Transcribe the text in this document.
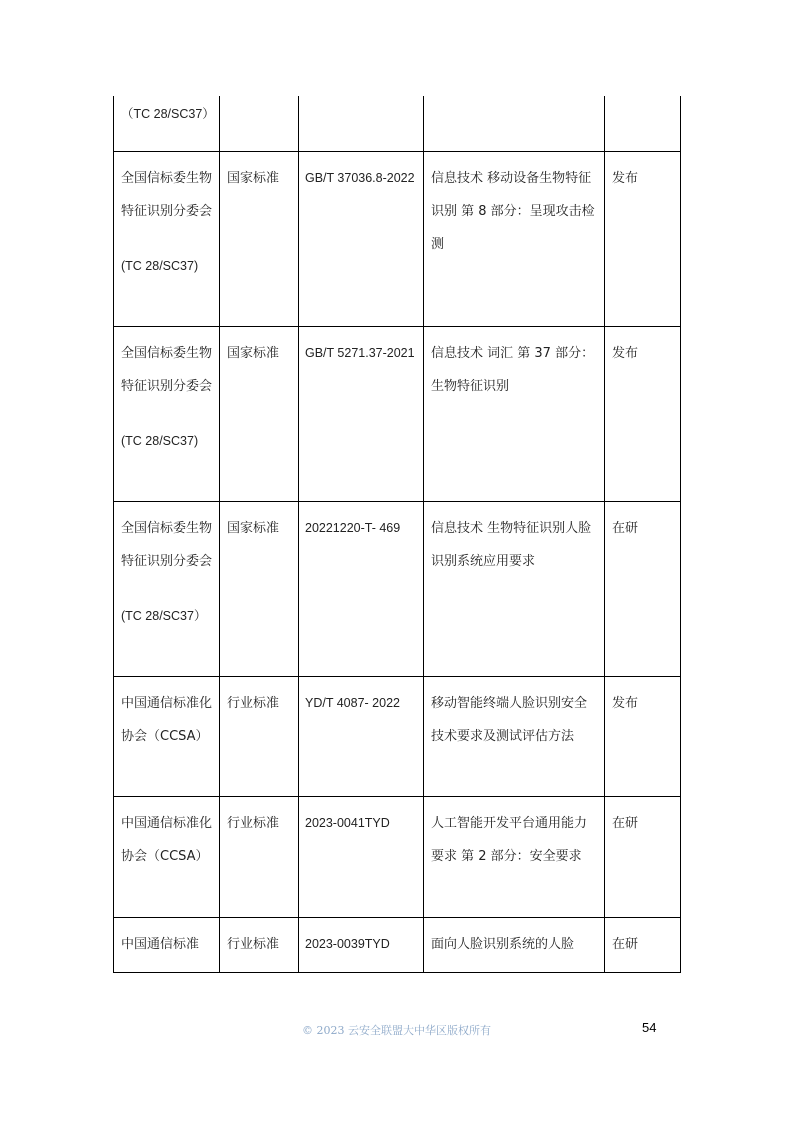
（TC 28/SC37）				

全国信标委生物特征识别分委会
(TC 28/SC37)	国家标准	GB/T 37036.8-2022	信息技术 移动设备生物特征识别 第 8 部分：呈现攻击检测	发布

全国信标委生物特征识别分委会
(TC 28/SC37)	国家标准	GB/T 5271.37-2021	信息技术 词汇 第 37 部分：生物特征识别	发布

全国信标委生物特征识别分委会
(TC 28/SC37）	国家标准	20221220-T- 469	信息技术 生物特征识别人脸识别系统应用要求	在研

中国通信标准化协会（CCSA）	行业标准	YD/T 4087- 2022	移动智能终端人脸识别安全技术要求及测试评估方法	发布

中国通信标准化协会（CCSA）	行业标准	2023-0041TYD	人工智能开发平台通用能力要求 第 2 部分：安全要求	在研

中国通信标准	行业标准	2023-0039TYD	面向人脸识别系统的人脸	在研
© 2023 云安全联盟大中华区版权所有	54
